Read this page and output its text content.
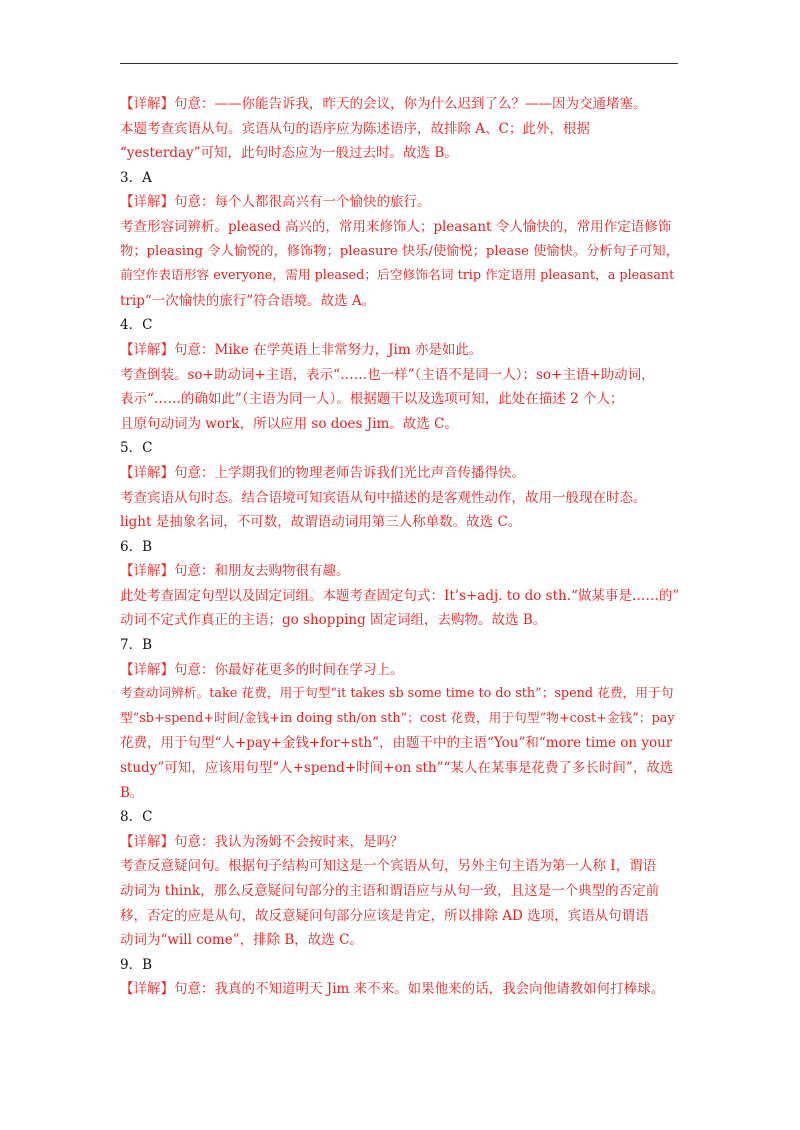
【详解】句意：——你能告诉我，昨天的会议，你为什么迟到了么？——因为交通堵塞。
本题考查宾语从句。宾语从句的语序应为陈述语序，故排除 A、C；此外，根据
“yesterday”可知，此句时态应为一般过去时。故选 B。
3．A
【详解】句意：每个人都很高兴有一个愉快的旅行。
考查形容词辨析。pleased 高兴的，常用来修饰人；pleasant 令人愉快的，常用作定语修饰
物；pleasing 令人愉悦的，修饰物；pleasure 快乐/使愉悦；please 使愉快。分析句子可知，
前空作表语形容 everyone，需用 pleased；后空修饰名词 trip 作定语用 pleasant，a pleasant
trip“一次愉快的旅行”符合语境。故选 A。
4．C
【详解】句意：Mike 在学英语上非常努力，Jim 亦是如此。
考查倒装。so+助动词+主语，表示“……也一样”（主语不是同一人）；so+主语+助动词，
表示“……的确如此”（主语为同一人）。根据题干以及选项可知，此处在描述 2 个人；
且原句动词为 work，所以应用 so does Jim。故选 C。
5．C
【详解】句意：上学期我们的物理老师告诉我们光比声音传播得快。
考查宾语从句时态。结合语境可知宾语从句中描述的是客观性动作，故用一般现在时态。
light 是抽象名词，不可数，故谓语动词用第三人称单数。故选 C。
6．B
【详解】句意：和朋友去购物很有趣。
此处考查固定句型以及固定词组。本题考查固定句式：It’s+adj. to do sth.“做某事是……的”
动词不定式作真正的主语；go shopping 固定词组，去购物。故选 B。
7．B
【详解】句意：你最好花更多的时间在学习上。
考查动词辨析。take 花费，用于句型“it takes sb some time to do sth”；spend 花费，用于句
型“sb+spend+时间/金钱+in doing sth/on sth”；cost 花费，用于句型“物+cost+金钱”；pay
花费，用于句型“人+pay+金钱+for+sth”，由题干中的主语“You”和“more time on your
study”可知，应该用句型“人+spend+时间+on sth”“某人在某事是花费了多长时间”，故选
B。
8．C
【详解】句意：我认为汤姆不会按时来，是吗？
考查反意疑问句。根据句子结构可知这是一个宾语从句，另外主句主语为第一人称 I，谓语
动词为 think，那么反意疑问句部分的主语和谓语应与从句一致，且这是一个典型的否定前
移，否定的应是从句，故反意疑问句部分应该是肯定，所以排除 AD 选项，宾语从句谓语
动词为“will come”，排除 B，故选 C。
9．B
【详解】句意：我真的不知道明天 Jim 来不来。如果他来的话，我会向他请教如何打棒球。
